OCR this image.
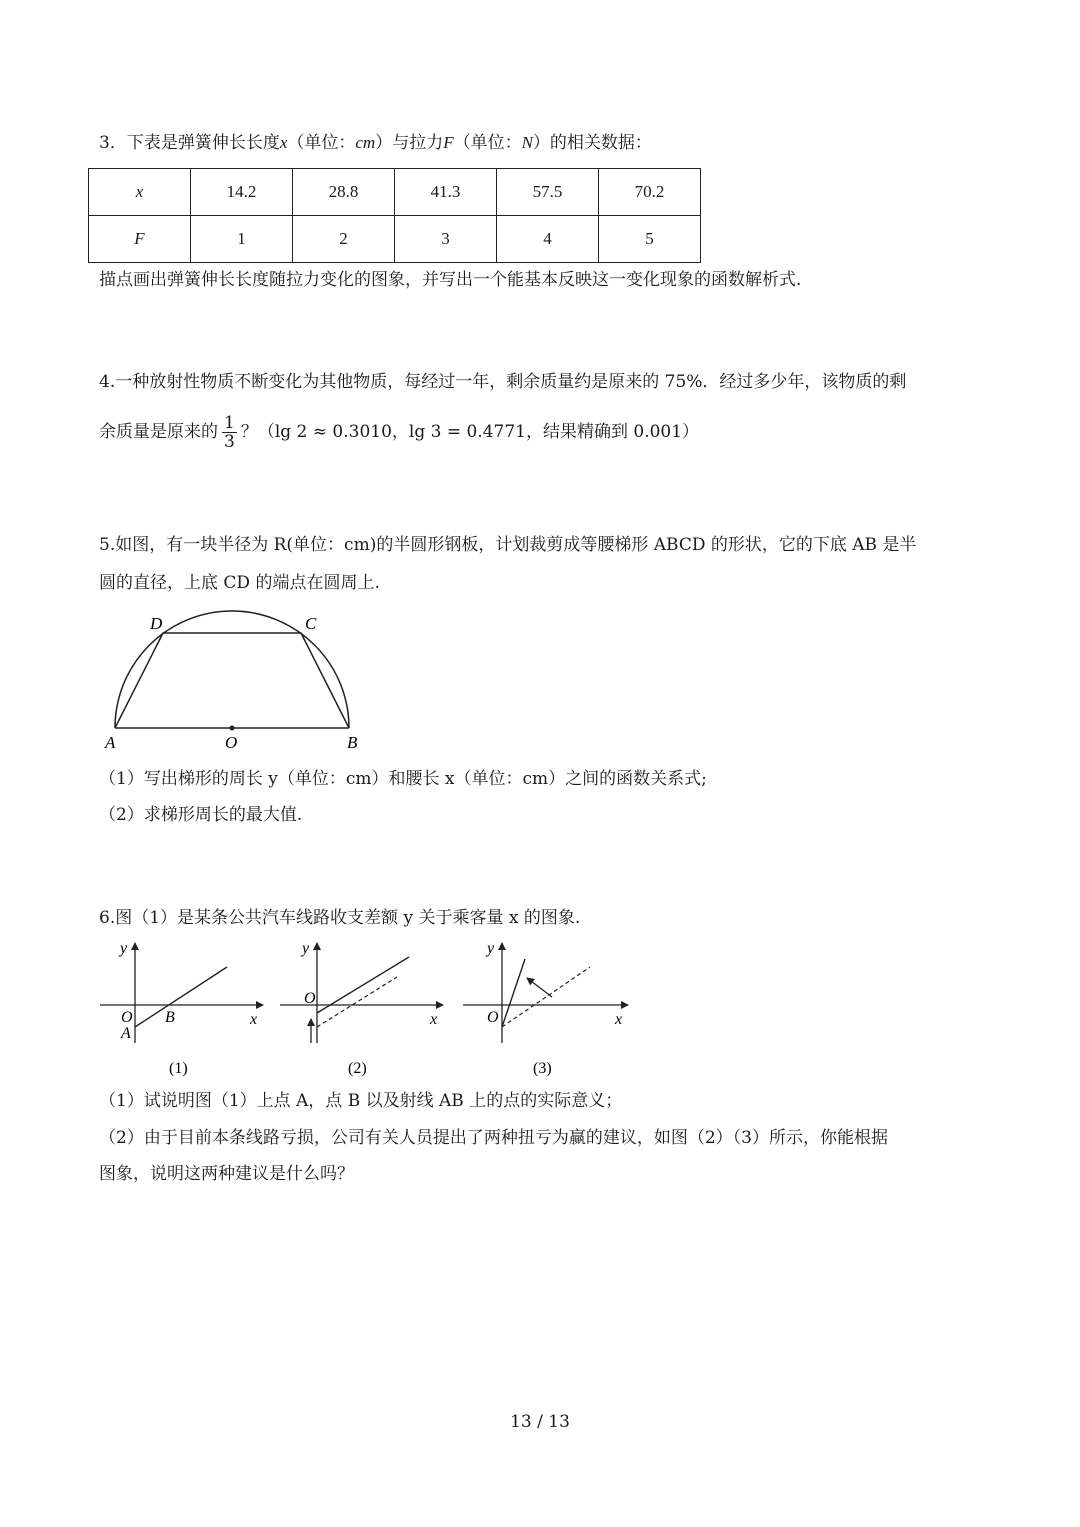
3．下表是弹簧伸长长度x（单位：cm）与拉力F（单位：N）的相关数据：
x	14.2	28.8	41.3	57.5	70.2
F	1	2	3	4	5
描点画出弹簧伸长长度随拉力变化的图象，并写出一个能基本反映这一变化现象的函数解析式.
4.一种放射性物质不断变化为其他物质，每经过一年，剩余质量约是原来的 75%．经过多少年，该物质的剩
余质量是原来的 $\frac{1}{3}$ ？（lg 2 ≈ 0.3010，lg 3 = 0.4771，结果精确到 0.001）
5.如图，有一块半径为 R(单位：cm)的半圆形钢板，计划裁剪成等腰梯形 ABCD 的形状，它的下底 AB 是半
圆的直径，上底 CD 的端点在圆周上.
D	C
A	O	B
（1）写出梯形的周长 y（单位：cm）和腰长 x（单位：cm）之间的函数关系式;
（2）求梯形周长的最大值.
6.图（1）是某条公共汽车线路收支差额 y 关于乘客量 x 的图象.
y
x
O B
A
(1)
y
x
O
(2)
y
x
O
(3)
（1）试说明图（1）上点 A，点 B 以及射线 AB 上的点的实际意义；
（2）由于目前本条线路亏损，公司有关人员提出了两种扭亏为赢的建议，如图（2）（3）所示，你能根据
图象，说明这两种建议是什么吗？
13 / 13
